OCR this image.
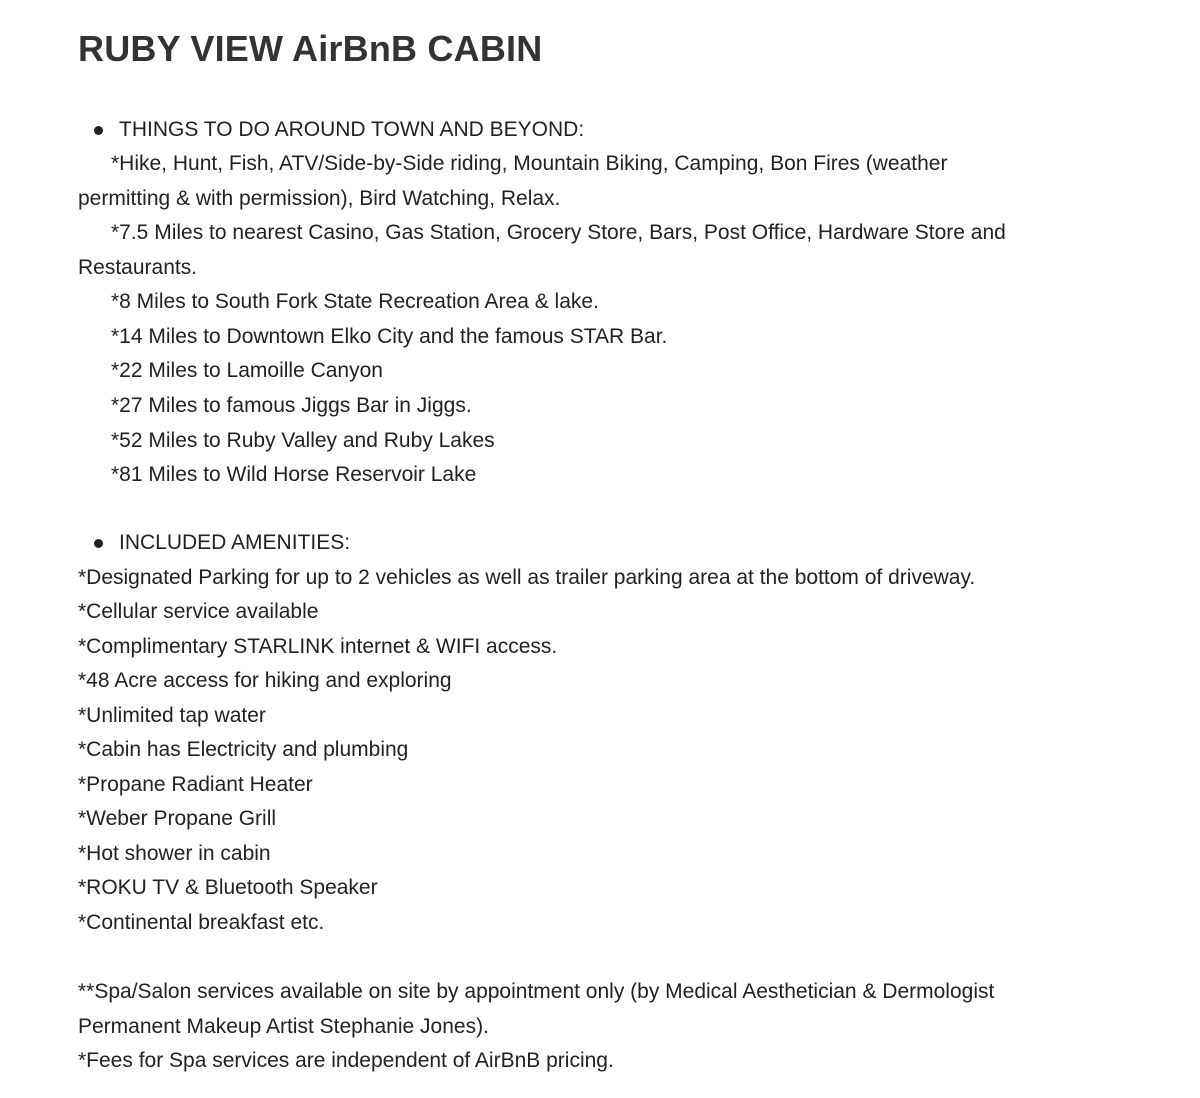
RUBY VIEW AirBnB CABIN
THINGS TO DO AROUND TOWN AND BEYOND:
*Hike, Hunt, Fish, ATV/Side-by-Side riding, Mountain Biking, Camping, Bon Fires (weather
permitting & with permission), Bird Watching, Relax.
*7.5 Miles to nearest Casino, Gas Station, Grocery Store, Bars, Post Office, Hardware Store and
Restaurants.
*8 Miles to South Fork State Recreation Area & lake.
*14 Miles to Downtown Elko City and the famous STAR Bar.
*22 Miles to Lamoille Canyon
*27 Miles to famous Jiggs Bar in Jiggs.
*52 Miles to Ruby Valley and Ruby Lakes
*81 Miles to Wild Horse Reservoir Lake
INCLUDED AMENITIES:
*Designated Parking for up to 2 vehicles as well as trailer parking area at the bottom of driveway.
*Cellular service available
*Complimentary STARLINK internet & WIFI access.
*48 Acre access for hiking and exploring
*Unlimited tap water
*Cabin has Electricity and plumbing
*Propane Radiant Heater
*Weber Propane Grill
*Hot shower in cabin
*ROKU TV & Bluetooth Speaker
*Continental breakfast etc.
**Spa/Salon services available on site by appointment only (by Medical Aesthetician & Dermologist
Permanent Makeup Artist Stephanie Jones).
*Fees for Spa services are independent of AirBnB pricing.
